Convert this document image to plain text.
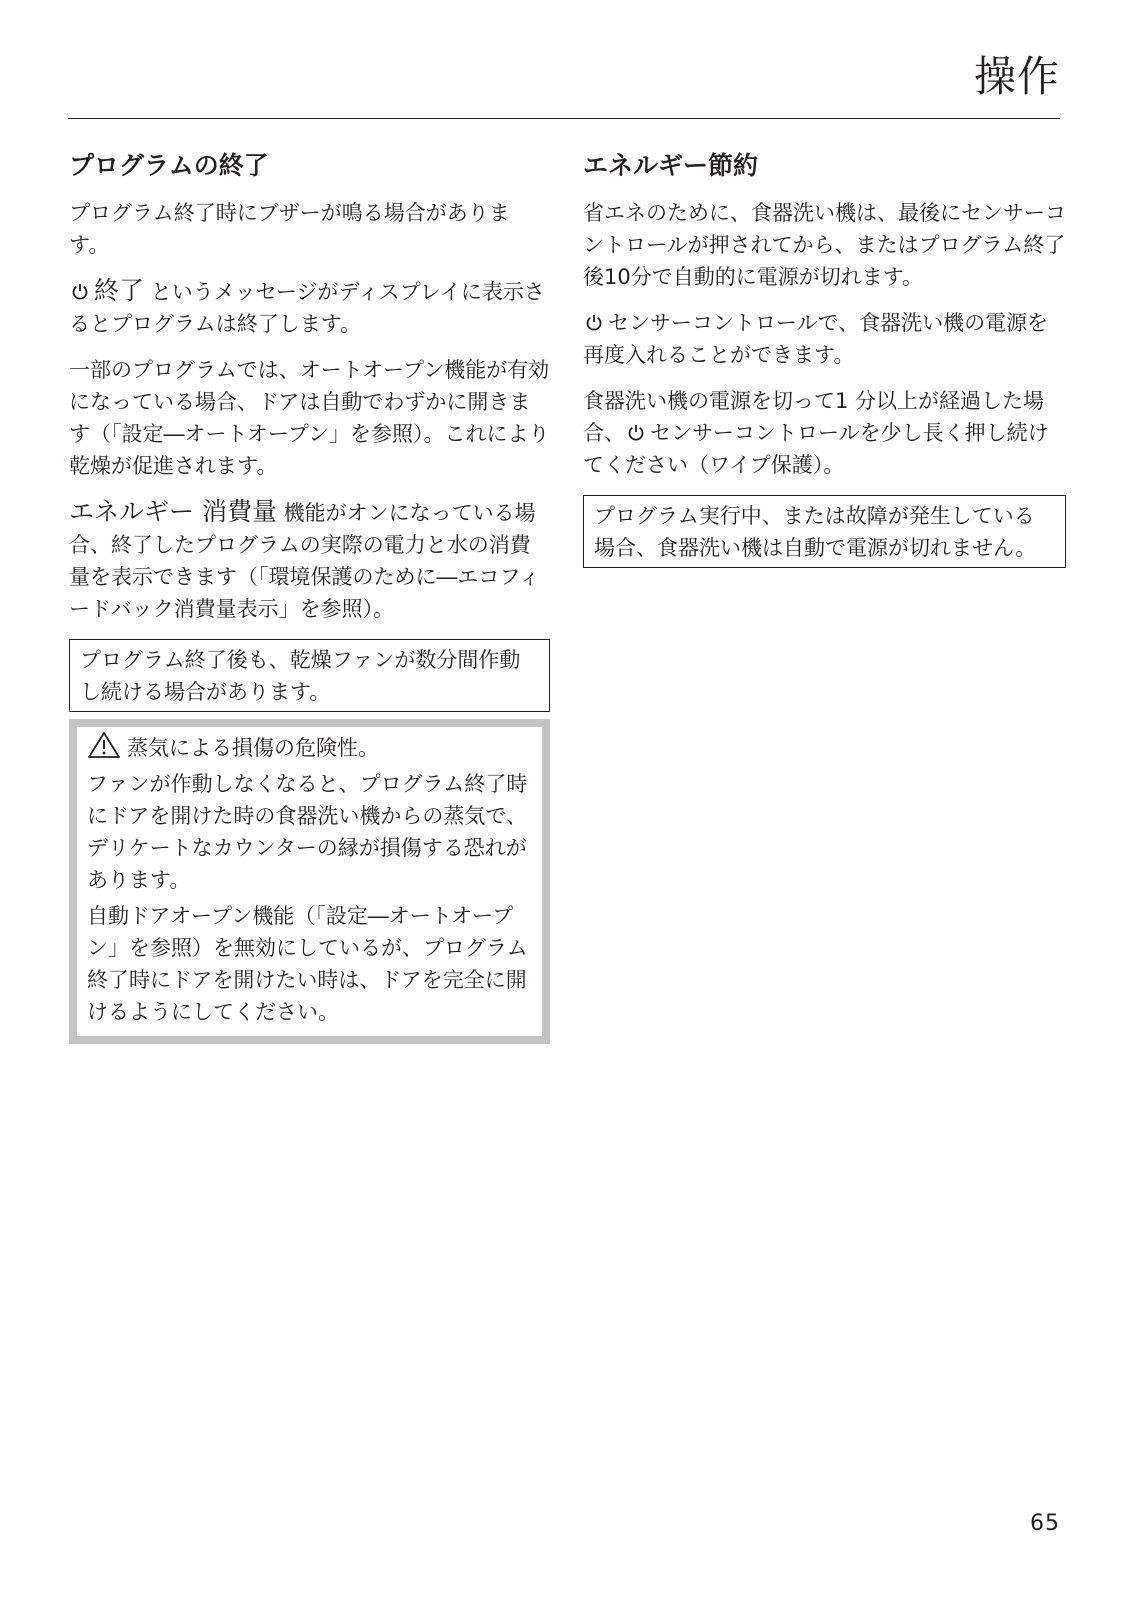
操作
プログラムの終了

プログラム終了時にブザーが鳴る場合があります。

終了 というメッセージがディスプレイに表示さるとプログラムは終了します。

一部のプログラムでは、オートオープン機能が有効になっている場合、ドアは自動でわずかに開きます（「設定―オートオープン」を参照）。これにより乾燥が促進されます。

エネルギー 消費量 機能がオンになっている場合、終了したプログラムの実際の電力と水の消費量を表示できます（「環境保護のために―エコフィードバック消費量表示」を参照）。

プログラム終了後も、乾燥ファンが数分間作動し続ける場合があります。

蒸気による損傷の危険性。

ファンが作動しなくなると、プログラム終了時にドアを開けた時の食器洗い機からの蒸気で、デリケートなカウンターの縁が損傷する恐れがあります。

自動ドアオープン機能（「設定―オートオープン」を参照）を無効にしているが、プログラム終了時にドアを開けたい時は、ドアを完全に開けるようにしてください。

エネルギー節約

省エネのために、食器洗い機は、最後にセンサーコントロールが押されてから、またはプログラム終了後10分で自動的に電源が切れます。

センサーコントロールで、食器洗い機の電源を再度入れることができます。

食器洗い機の電源を切って1 分以上が経過した場合、 センサーコントロールを少し長く押し続けてください（ワイプ保護）。

プログラム実行中、または故障が発生している場合、食器洗い機は自動で電源が切れません。

65
